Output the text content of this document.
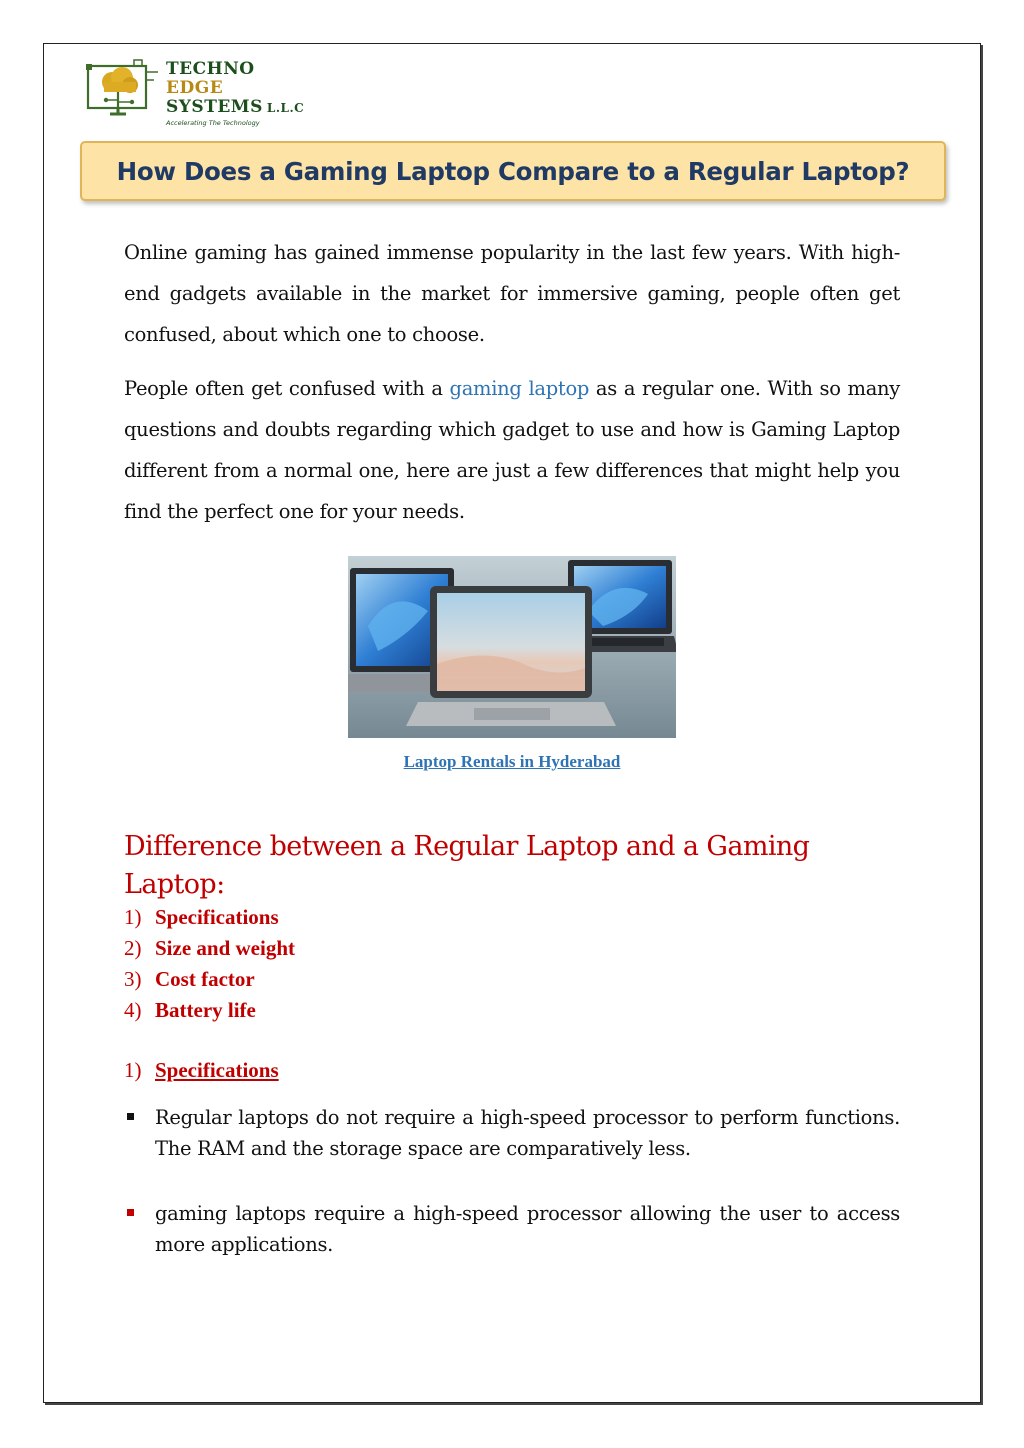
TECHNO
EDGE
SYSTEMS L.L.C
Accelerating The Technology
How Does a Gaming Laptop Compare to a Regular Laptop?
Online gaming has gained immense popularity in the last few years. With high-end gadgets available in the market for immersive gaming, people often get confused, about which one to choose.
People often get confused with a gaming laptop as a regular one. With so many questions and doubts regarding which gadget to use and how is Gaming Laptop different from a normal one, here are just a few differences that might help you find the perfect one for your needs.
Laptop Rentals in Hyderabad
Difference between a Regular Laptop and a Gaming Laptop:
1) Specifications
2) Size and weight
3) Cost factor
4) Battery life
1) Specifications
Regular laptops do not require a high-speed processor to perform functions. The RAM and the storage space are comparatively less.
gaming laptops require a high-speed processor allowing the user to access more applications.
